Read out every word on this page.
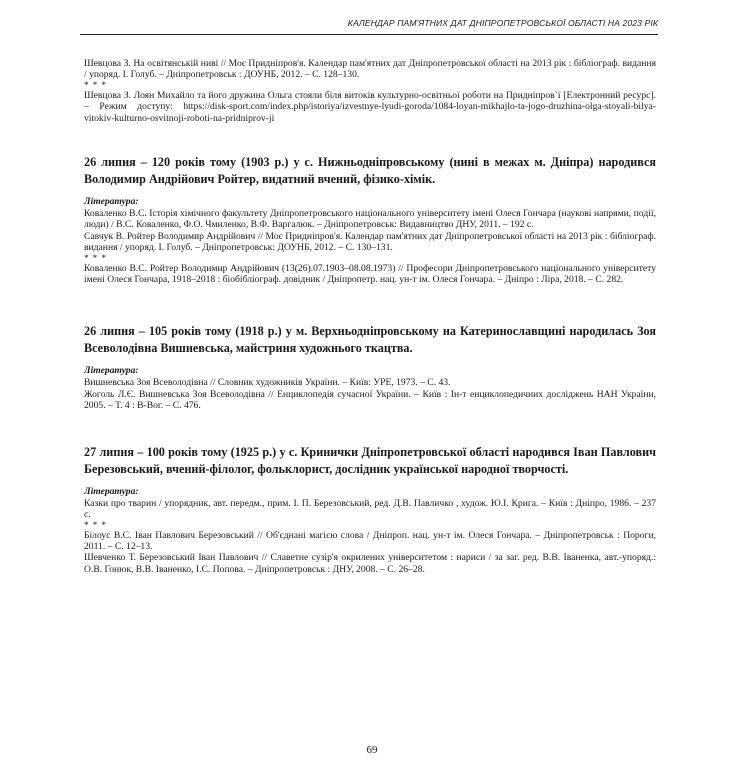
КАЛЕНДАР ПАМ'ЯТНИХ ДАТ ДНІПРОПЕТРОВСЬКОЇ ОБЛАСТІ НА 2023 РІК
Шевцова З. На освітянській ниві // Моє Придніпров'я. Календар пам'ятних дат Дніпропетровської області на 2013 рік : бібліограф. видання / упоряд. І. Голуб. – Дніпропетровськ : ДОУНБ, 2012. – С. 128–130.
* * *
Шевцова З. Лоян Михайло та його дружина Ольга стояли біля витоків культурно-освітньої роботи на Придніпров`ї [Електронний ресурс]. – Режим доступу: https://disk-sport.com/index.php/istoriya/izvestnye-lyudi-goroda/1084-loyan-mikhajlo-ta-jogo-druzhina-olga-stoyali-bilya-vitokiv-kulturno-osvitnoji-roboti-na-pridniprov-ji
26 липня – 120 років тому (1903 р.) у с. Нижньодніпровському (нині в межах м. Дніпра) народився Володимир Андрійович Ройтер, видатний вчений, фізико-хімік.
Література:
Коваленко В.С. Історія хімічного факультету Дніпропетровського національного університету імені Олеся Гончара (наукові напрями, події, люди) / В.С. Коваленко, Ф.О. Чмиленко, В.Ф. Варгалюк. – Дніпропетровськ: Видавництво ДНУ, 2011. – 192 с.
Савчук В. Ройтер Володимир Андрійович // Моє Придніпров'я. Календар пам'ятних дат Дніпропетровської області на 2013 рік : бібліограф. видання / упоряд. І. Голуб. – Дніпропетровськ: ДОУНБ, 2012. – С. 130–131.
* * *
Коваленко В.С. Ройтер Володимир Андрійович (13(26).07.1903–08.08.1973) // Професори Дніпропетровського національного університету імені Олеся Гончара, 1918–2018 : біобібліограф. довідник / Дніпропетр. нац. ун-т ім. Олеся Гончара. – Дніпро : Ліра, 2018. – С. 282.
26 липня – 105 років тому (1918 р.) у м. Верхньодніпровському на Катеринославщині народилась Зоя Всеволодівна Вишневська, майстриня художнього ткацтва.
Література:
Вишневська Зоя Всеволодівна // Словник художників України. – Київ: УРЕ, 1973. – С. 43.
Жоголь Л.Є. Вишневська Зоя Всеволодівна // Енциклопедія сучасної України. – Київ : Ін-т енциклопедичних досліджень НАН України, 2005. – Т. 4 : В-Вог. – С. 476.
27 липня – 100 років тому (1925 р.) у с. Кринички Дніпропетровської області народився Іван Павлович Березовський, вчений-філолог, фольклорист, дослідник української народної творчості.
Література:
Казки про тварин / упорядник, авт. передм., прим. І. П. Березовський, ред. Д.В. Павличко , худож. Ю.І. Крига. – Київ : Дніпро, 1986. – 237 с.
* * *
Білоус В.С. Іван Павлович Березовський // Об'єднані магією слова / Дніпроп. нац. ун-т ім. Олеся Гончара. – Дніпропетровськ : Пороги, 2011. – С. 12–13.
Шевченко Т. Березовський Іван Павлович // Славетне сузір'я окрилених університетом : нариси / за заг. ред. В.В. Іваненка, авт.-упоряд.: О.В. Гонюк, В.В. Іваненко, І.С. Попова. – Дніпропетровськ : ДНУ, 2008. – С. 26–28.
69
